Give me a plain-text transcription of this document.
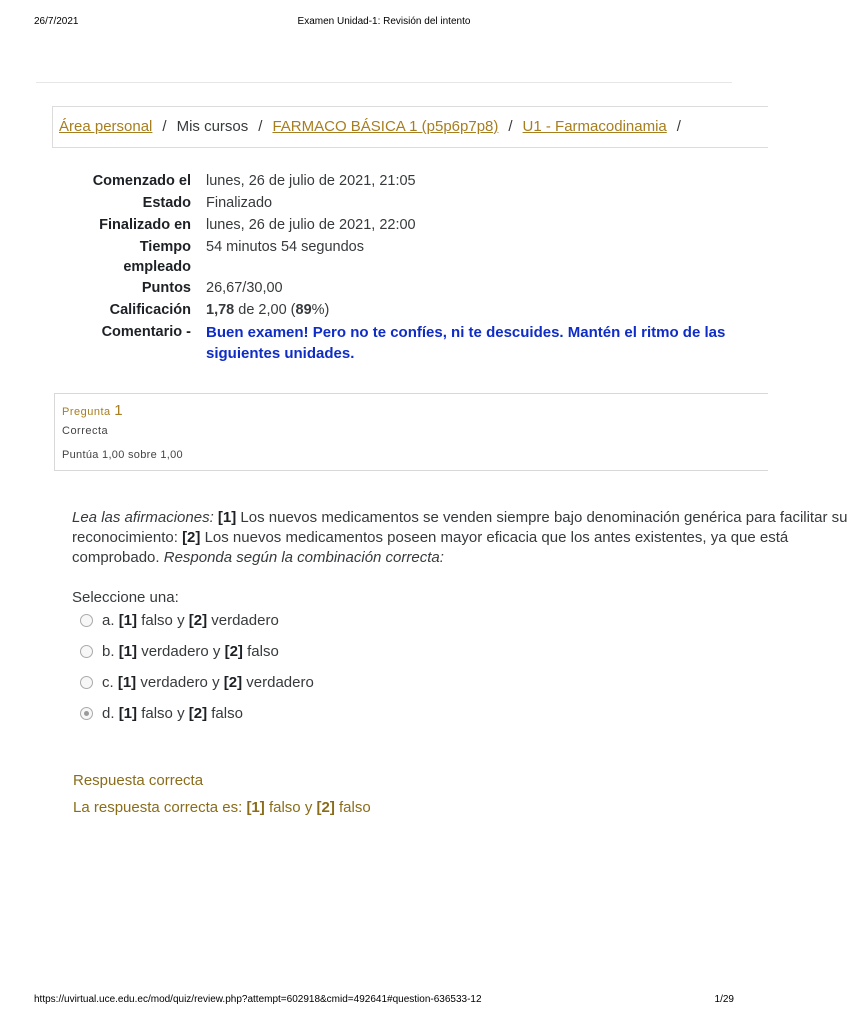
26/7/2021	Examen Unidad-1: Revisión del intento
Área personal / Mis cursos / FARMACO BÁSICA 1 (p5p6p7p8) / U1 - Farmacodinamia /
Comenzado el lunes, 26 de julio de 2021, 21:05
Estado Finalizado
Finalizado en lunes, 26 de julio de 2021, 22:00
Tiempo
empleado
54 minutos 54 segundos
Puntos 26,67/30,00
Calificación 1,78 de 2,00 (89%)
Comentario - Buen examen! Pero no te confíes, ni te descuides. Mantén el ritmo de las siguientes unidades.
Pregunta 1
Correcta
Puntúa 1,00 sobre 1,00
Lea las afirmaciones: [1] Los nuevos medicamentos se venden siempre bajo denominación genérica para facilitar su
reconocimiento: [2] Los nuevos medicamentos poseen mayor eficacia que los antes existentes, ya que está
comprobado. Responda según la combinación correcta:
Seleccione una:
a. [1] falso y [2] verdadero
b. [1] verdadero y [2] falso
c. [1] verdadero y [2] verdadero
d. [1] falso y [2] falso
Respuesta correcta
La respuesta correcta es: [1] falso y [2] falso
https://uvirtual.uce.edu.ec/mod/quiz/review.php?attempt=602918&cmid=492641#question-636533-12	1/29
